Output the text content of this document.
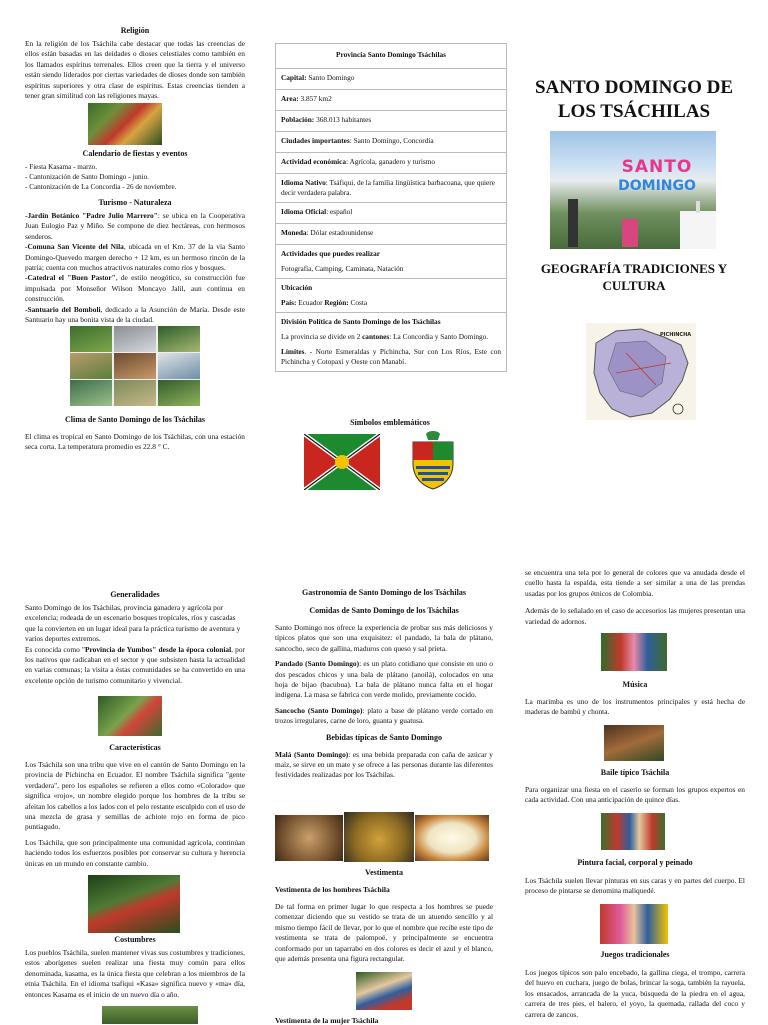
Religión

En la religión de los Tsáchila cabe destacar que todas las creencias de ellos están basadas en las deidades o dioses celestiales como también en los llamados espíritus terrenales. Ellos creen que la tierra y el universo están siendo liderados por ciertas variedades de dioses donde son también espíritus superiores y otra clase de espíritus. Estas creencias tienden a tener gran similitud con las religiones mayas.

Calendario de fiestas y eventos
- Fiesta Kasama - marzo.
- Cantonización de Santo Domingo - junio.
- Cantonización de La Concordia - 26 de noviembre.
Turismo - Naturaleza

-Jardín Botánico "Padre Julio Marrero": se ubica en la Cooperativa Juan Eulogio Paz y Miño. Se compone de diez hectáreas, con hermosos senderos.

-Comuna San Vicente del Nila, ubicada en el Km. 37 de la vía Santo Domingo-Quevedo margen derecho + 12 km, es un hermoso rincón de la patria; cuenta con muchos atractivos naturales como ríos y bosques.

-Catedral el "Buen Pastor", de estilo neogótico, su construcción fue impulsada por Monseñor Wilson Moncayo Jalil, aun continua en construcción.

-Santuario del Bomboli, dedicado a la Asunción de María. Desde este Santuario hay una bonita vista de la ciudad.

Clima de Santo Domingo de los Tsáchilas

El clima es tropical en Santo Domingo de los Tsáchilas, con una estación seca corta. La temperatura promedio es 22.8 ° C.

Provincia Santo Domingo Tsáchilas
Capital: Santo Domingo
Area: 3.857 km2
Población: 368.013 habitantes
Ciudades importantes: Santo Domingo, Concordia
Actividad económica: Agrícola, ganadero y turismo
Idioma Nativo: Tsáfiqui, de la familia lingüística barbacoana, que quiere decir verdadera palabra.
Idioma Oficial: español
Moneda: Dólar estadounidense
Actividades que puedes realizar
Fotografía, Camping, Caminata, Natación
Ubicación
País: Ecuador Región: Costa
División Política de Santo Domingo de los Tsáchilas
La provincia se divide en 2 cantones: La Concordia y Santo Domingo.
Límites. - Norte Esmeraldas y Pichincha, Sur con Los Ríos, Este con Pichincha y Cotopaxi y Oeste con Manabí.
Símbolos emblemáticos
SANTO DOMINGO DE LOS TSÁCHILAS
SANTO
DOMINGO
GEOGRAFÍA TRADICIONES Y CULTURA
PICHINCHA
Generalidades

Santo Domingo de los Tsáchilas, provincia ganadera y agrícola por excelencia; rodeada de un escenario bosques tropicales, ríos y cascadas que la convierten en un lugar ideal para la práctica turismo de aventura y varios deportes extremos.

Es conocida como "Provincia de Yumbos" desde la época colonial, por los nativos que radicaban en el sector y que subsisten hasta la actualidad en varias comunas; la visita a éstas comunidades se ha convertido en una excelente opción de turismo comunitario y vivencial.

Características

Los Tsáchila son una tribu que vive en el cantón de Santo Domingo en la provincia de Pichincha en Ecuador. El nombre Tsáchila significa "gente verdadera", pero los españoles se refieren a ellos como «Colorado» que significa «rojo», un nombre elegido porque los hombres de la tribu se afeitan los cabellos a los lados con el pelo restante esculpido con el uso de una mezcla de grasa y semillas de achiote rojo en forma de pico puntiagudo.

Los Tsáchila, que son principalmente una comunidad agrícola, continúan haciendo todos los esfuerzos posibles por conservar su cultura y herencia únicas en un mundo en constante cambio.

Costumbres

Los pueblos Tsáchila, suelen mantener vivas sus costumbres y tradiciones, estos aborígenes suelen realizar una fiesta muy común para ellos denominada, kasama, es la única fiesta que celebran a los miembros de la etnia Tsáchila. En el idioma tsafiqui «Kasa» significa nuevo y «ma» día, entonces Kasama es el inicio de un nuevo día o año.

Gastronomía de Santo Domingo de los Tsáchilas
Comidas de Santo Domingo de los Tsáchilas

Santo Domingo nos ofrece la experiencia de probar sus más deliciosos y típicos platos que son una exquisitez: el pandado, la bala de plátano, sancocho, seco de gallina, maduros con queso y sal prieta.

Pandado (Santo Domingo): es un plato cotidiano que consiste en uno o dos pescados chicos y una bala de plátano (anoilá), colocados en una hoja de bijao (bacubua). La bala de plátano nunca falta en el hogar indígena. La masa se fabrica con verde molido, previamente cocido.

Sancocho (Santo Domingo): plato a base de plátano verde cortado en trozos irregulares, carne de loro, guanta y guatusa.

Bebidas típicas de Santo Domingo

Malá (Santo Domingo): es una bebida preparada con caña de azúcar y maíz, se sirve en un mate y se ofrece a las personas durante las diferentes festividades realizadas por los Tsáchilas.

Vestimenta
Vestimenta de los hombres Tsáchila

De tal forma en primer lugar lo que respecta a los hombres se puede comenzar diciendo que su vestido se trata de un atuendo sencillo y al mismo tiempo fácil de llevar, por lo que el nombre que recibe este tipo de vestimenta se trata de palompoé, y principalmente se encuentra conformado por un taparrabo en dos colores es decir el azul y el blanco, que además presenta una figura rectangular.

Vestimenta de la mujer Tsáchila

se encuentra una tela por lo general de colores que va anudada desde el cuello hasta la espalda, esta tiende a ser similar a una de las prendas usadas por los grupos étnicos de Colombia.

Además de lo señalado en el caso de accesorios las mujeres presentan una variedad de adornos.

Música

La marimba es uno de los instrumentos principales y está hecha de maderas de bambú y chonta.

Baile típico Tsáchila

Para organizar una fiesta en el caserío se forman los grupos expertos en cada actividad. Con una anticipación de quince días.

Pintura facial, corporal y peinado

Los Tsáchila suelen llevar pinturas en sus caras y en partes del cuerpo. El proceso de pintarse se denomina maliquedé.

Juegos tradicionales

Los juegos típicos son palo encebado, la gallina ciega, el trompo, carrera del huevo en cuchara, juego de bolas, brincar la soga, también la rayuela, los ensacados, arrancada de la yuca, búsqueda de la piedra en el agua, carrera de tres pies, el balero, el yoyo, la quemada, rallada del coco y carrera de zancos.
